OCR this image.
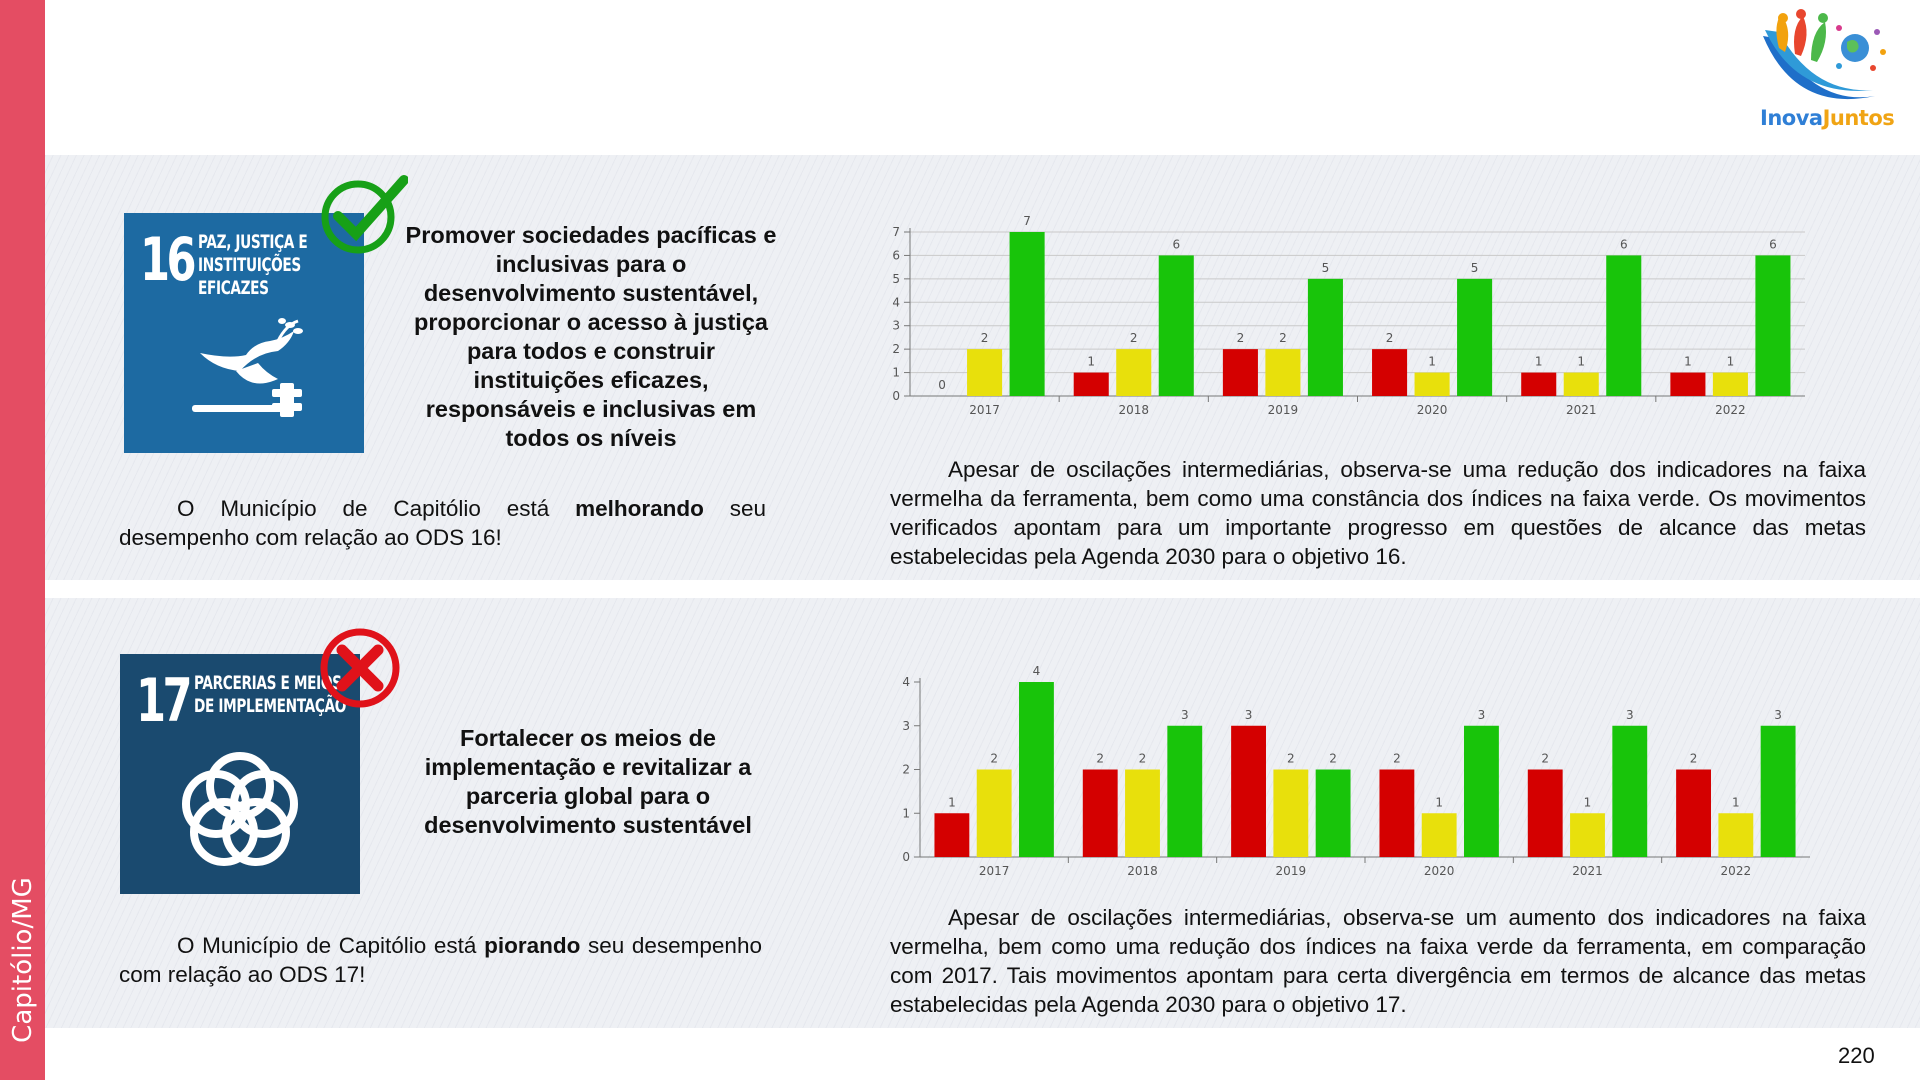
Capitólio/MG
InovaJuntos
16 PAZ, JUSTIÇA E
INSTITUIÇÕES
EFICAZES
Promover sociedades pacíficas e inclusivas para o desenvolvimento sustentável, proporcionar o acesso à justiça para todos e construir instituições eficazes, responsáveis e inclusivas em todos os níveis
O Município de Capitólio está melhorando seu desempenho com relação ao ODS 16!
0
1
2
3
4
5
6
7
0
2
7
2017
1
2
6
2018
2	2
5
2019
2
1
5
2020
1	1
6
2021
1	1
6
2022
Apesar de oscilações intermediárias, observa-se uma redução dos indicadores na faixa vermelha da ferramenta, bem como uma constância dos índices na faixa verde. Os movimentos verificados apontam para um importante progresso em questões de alcance das metas estabelecidas pela Agenda 2030 para o objetivo 16.
17 PARCERIAS E MEIOS
DE IMPLEMENTAÇÃO
Fortalecer os meios de implementação e revitalizar a parceria global para o desenvolvimento sustentável
O Município de Capitólio está piorando seu desempenho com relação ao ODS 17!
0
1
2
3
4
1
2
4
2017
2	2
3
2018
3
2	2
2019
2
1
3
2020
2
1
3
2021
2
1
3
2022
Apesar de oscilações intermediárias, observa-se um aumento dos indicadores na faixa vermelha, bem como uma redução dos índices na faixa verde da ferramenta, em comparação com 2017. Tais movimentos apontam para certa divergência em termos de alcance das metas estabelecidas pela Agenda 2030 para o objetivo 17.
220
